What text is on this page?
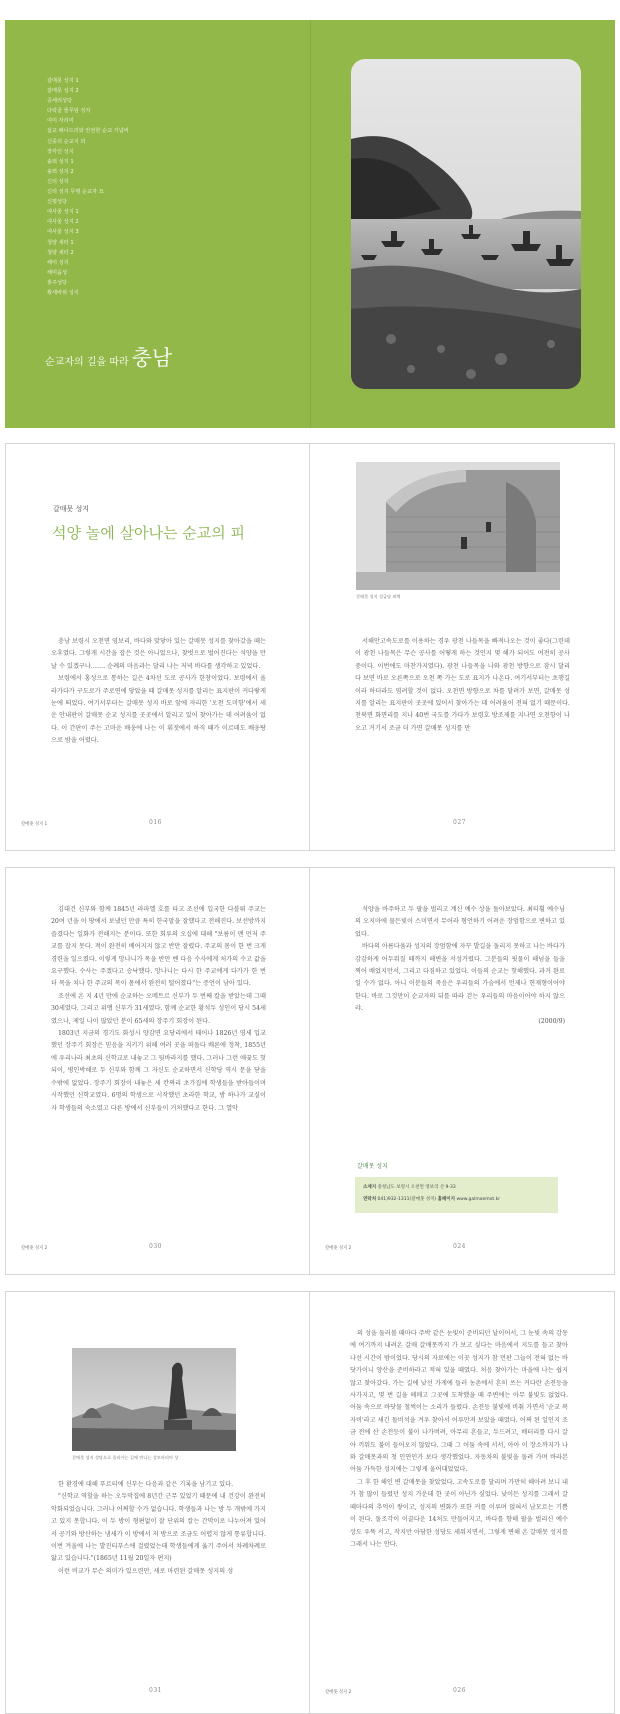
갈매못 성지 1
갈매못 성지 2
공세리성당
다락골 줄무덤 성지
여미 자리미
삽교 배나드리와 안전한 순교 기념비
신종의 순교지 외
장각인 성지
솔뫼 성지 1
솔뫼 성지 2
신리 성지
신리 성지 무명 순교자 묘
신평성당
여사울 성지 1
여사울 성지 2
여사울 성지 3
청양 새터 1
청양 새터 2
해미 성지
해미읍성
홍주성당
황새바위 성지
순교자의 길을 따라 충남
갈매못 성지
석양 놀에 살아나는 순교의 피

충남 보령시 오천면 영보리, 바다와 맞닿아 있는 갈매못 성지를 찾아갔을 때는 오후였다. 그렇게 시간을 잡은 것은 아니었으나, 찾벗으로 벌어진다는 석양을 만날 수 있겠구나……. 순례의 마음과는 달리 나는 저녁 바다를 생각하고 있었다.

보령에서 홍성으로 통하는 길은 4차선 도로 공사가 한창이었다. 보령에서 올라가다가 구도로가 주로연에 닿았을 때 갈매못 성지를 알리는 표지판이 커다랗게 눈에 띄었다. 여기서부터는 갈매못 성지 바로 앞에 자리한 '오천 도미항'에서 세운 안내판이 갈매못 순교 성지를 곳곳에서 알리고 있어 찾아가는 데 어려움이 없다. 이 간판이 주는 고마운 배웅에 나는 이 휘젓에서 하직 때가 이르데도 배웅탕으로 밤을 어렸다.

갈매못 성지 1	016
갈매못 성지 성급당 외벽

서해안고속도로를 이용하는 경우 광천 나들목을 빠져나오는 것이 좋다(그린데 이 광천 나들목은 무슨 공사를 어떻게 하는 것인지 몇 해가 되어도 여전히 공사 중이다. 이번에도 마찬가지였다). 광천 나들목을 나와 광천 방향으로 잠시 달리다 보면 바로 오른쪽으로 오천 쪽 가는 도로 표지가 나온다. 여기서부터는 초행길이라 하더라도 염려할 것이 없다. 오천면 방향으로 차를 달려가 보면, 갈매못 성지를 알리는 표지판이 곳곳에 있어서 찾아가는 데 어려움이 전혀 없기 때문이다. 천북면 화면리를 지나 40번 국도를 가다가 보령호 방조제를 지나면 오천항이 나오고 거기서 조금 더 가면 갈매못 성지를 만

027

김대건 신부와 함께 1845년 라파엘 호를 타고 조선에 입국한 다블뤼 주교는 20여 년을 이 땅에서 보냈던 만큼 특히 한국말을 잘했다고 전해진다. 보선방까지 즐겼다는 일화가 전해지는 분이다. 또한 회루의 오십에 대해 "보름이 맨 먼저 주교를 잡지 못다. 적이 완전히 베어지지 않고 반만 잘렸다. 주교의 몸이 한 번 크게 경련을 일으켰다. 이렇게 망나니가 목을 반만 벤 다음 수사에게 처가의 수고 값을 요구했다. 수사는 주겠다고 승낙했다. 망나니는 다시 한 주교에게 다가가 한 번 더 목을 치나 한 주교의 목이 몸에서 완전히 떨어졌다"는 증언이 남아 있다.

조선에 온 지 4년 만에 순교하는 오메트르 신부가 두 번째 칼을 받았는데 그때 30세였다. 그리고 위앵 신부가 31세였다. 함께 순교한 황석두 성인이 당시 54세였으나, 제일 나이 많았던 분이 65세의 장주기 회장이 된다.

1803년 지금의 경기도 화성시 양감면 요당리에서 태어나 1826년 영세 입교했던 장주기 회장은 믿음을 지키기 위해 여러 곳을 떠돌다 배론에 정착, 1855년에 우리나라 최초의 신학교로 내놓고 그 뒷바라지를 했다. 그러나 그런 애꿎도 헛되이, 병인박해로 두 신부와 함께 그 자신도 순교하면서 신학당 역시 문을 닫을 수밖에 없었다. 장주기 회장이 내놓은 세 칸짜리 초가집에 학생들을 받아들이며 시작했던 신학교였다. 6명의 학생으로 시작했던 초라한 학교, 방 하나가 교실이자 학생들의 숙소였고 다른 방에서 신부들이 거처했다고 한다. 그 열악

갈매못 성지 2	030

석양을 바주하고 두 팔을 벌리고 계신 예수 상을 돌아보았다. 최티훨 예수님의 오지마에 물든빛이 스미면서 무어라 형언하기 어려운 장엄함으로 변하고 있었다.

바다의 아름다움과 성지의 장엄함에 자꾸 발길을 돌리지 못하고 나는 바다가 감감하게 어두워질 때까지 해변을 서성거렸다. 그분들의 핏물이 해넘을 들을 찍어 배었지만서, 그리고 다짐하고 있었다. 이들의 순교는 헛해했다. 과거 완료일 수가 없다. 아니 이분들의 죽음은 우리들의 가슴에서 언제나 현재형이어야 한다. 바로 그것만이 순교자의 뒤를 따라 걷는 우리들의 마음이어야 하지 않으랴.

(2000/9)

갈매못 성지
소재지 충청남도 보령시 오천면 영보리 산 9-33
연락처 041)932-1311(갈매못 성지) 홈페이지 www.galmaemot.kr
갈매못 성지 2	024
갈매못 성지 성당으로 올라가는 길에 만나는 성모마리아 상

한 환경에 대해 푸르티에 신부는 다음과 같은 기록을 남기고 있다.

"신학교 역할을 하는 오두막집에 8년간 근무 있었기 때문에 내 건강이 완전히 악화되었습니다. 그러나 어쩌할 수가 없습니다. 학생들과 나는 방 두 개밖에 가지고 있지 못합니다. 이 두 방이 형편없이 잘 단위의 칼는 간막이로 나누어져 있어서 공기와 방산하는 냄새가 이 방에서 저 방으로 조금도 어렵지 않게 통류합니다. 이번 겨울에 나는 발진티푸스에 걸렸었는데 학생들에게 옮기 주어서 차례차례로 앓고 있습니다."(1865년 11월 20일자 편지)

이런 비교가 무슨 의미가 있으련만, 새로 마련된 갈매못 성지의 성

031

의 성을 둘러볼 때마다 주박 같은 눈빛이 준비되던 날이어서, 그 눈빛 속의 감동에 여기까지 내려온 갈매 갈매못까지 가 보고 싶다는 마음에서 지도를 들고 찾아 나선 시간이 밤이었다. 당시의 자료에는 이곳 성지가 참 먼판 그늘이 전혀 없는 바닷가이니 양산을 준비하라고 적혀 있을 때였다. 처음 찾아가는 마을에 나는 쉽지 않고 찾아갔다. 가는 길에 낮선 가게에 들러 농촌에서 흔히 쓰는 커다란 손전등을 사가지고, 몇 번 길을 헤매고 그곳에 도착했을 때 주변에는 아무 불빛도 없었다. 어둠 속으로 바닷물 철썩이는 소리가 들렸다. 손전등 불빛에 비춰 가면서 '순교 복자비'라고 새긴 돌비석을 겨우 찾아서 어루만져 보았을 때였다. 어쩌 된 일인지 조금 전에 산 손전등이 불이 나가버려, 아무리 흔들고, 두드려고, 배터리를 다시 갈아 끼워도 불이 들어오지 않았다. 그때 그 어둠 속에 서서, 아아 이 장소까지가 나와 갈매못과의 첫 인연인가 보다 생각했었다. 자동차의 불빛을 돌려 가며 바라본 어둠 가득한 성지에는 그렇게 울어대었었다.

그 후 한 해인 변 갈매못을 찾았었다. 고속도로를 달리며 가만히 해아려 보니 내가 참 많이 들렸던 성지 가운데 한 곳이 아닌가 싶었다. 낮이든 성지를 그래서 갈 때마다의 추억이 쌓이고, 성지의 변화가 또한 커를 이루며 얹혀서 남모르는 기쁨이 된다. 돌조각이 이끌다운 14처도 만들어지고, 바다를 향해 팔을 벌리신 예수 상도 우뚝 서고, 작지만 아담한 성당도 세워지면서, 그렇게 변해 온 갈매못 성지를 그래서 나는 안다.

갈매못 성지 2	026
